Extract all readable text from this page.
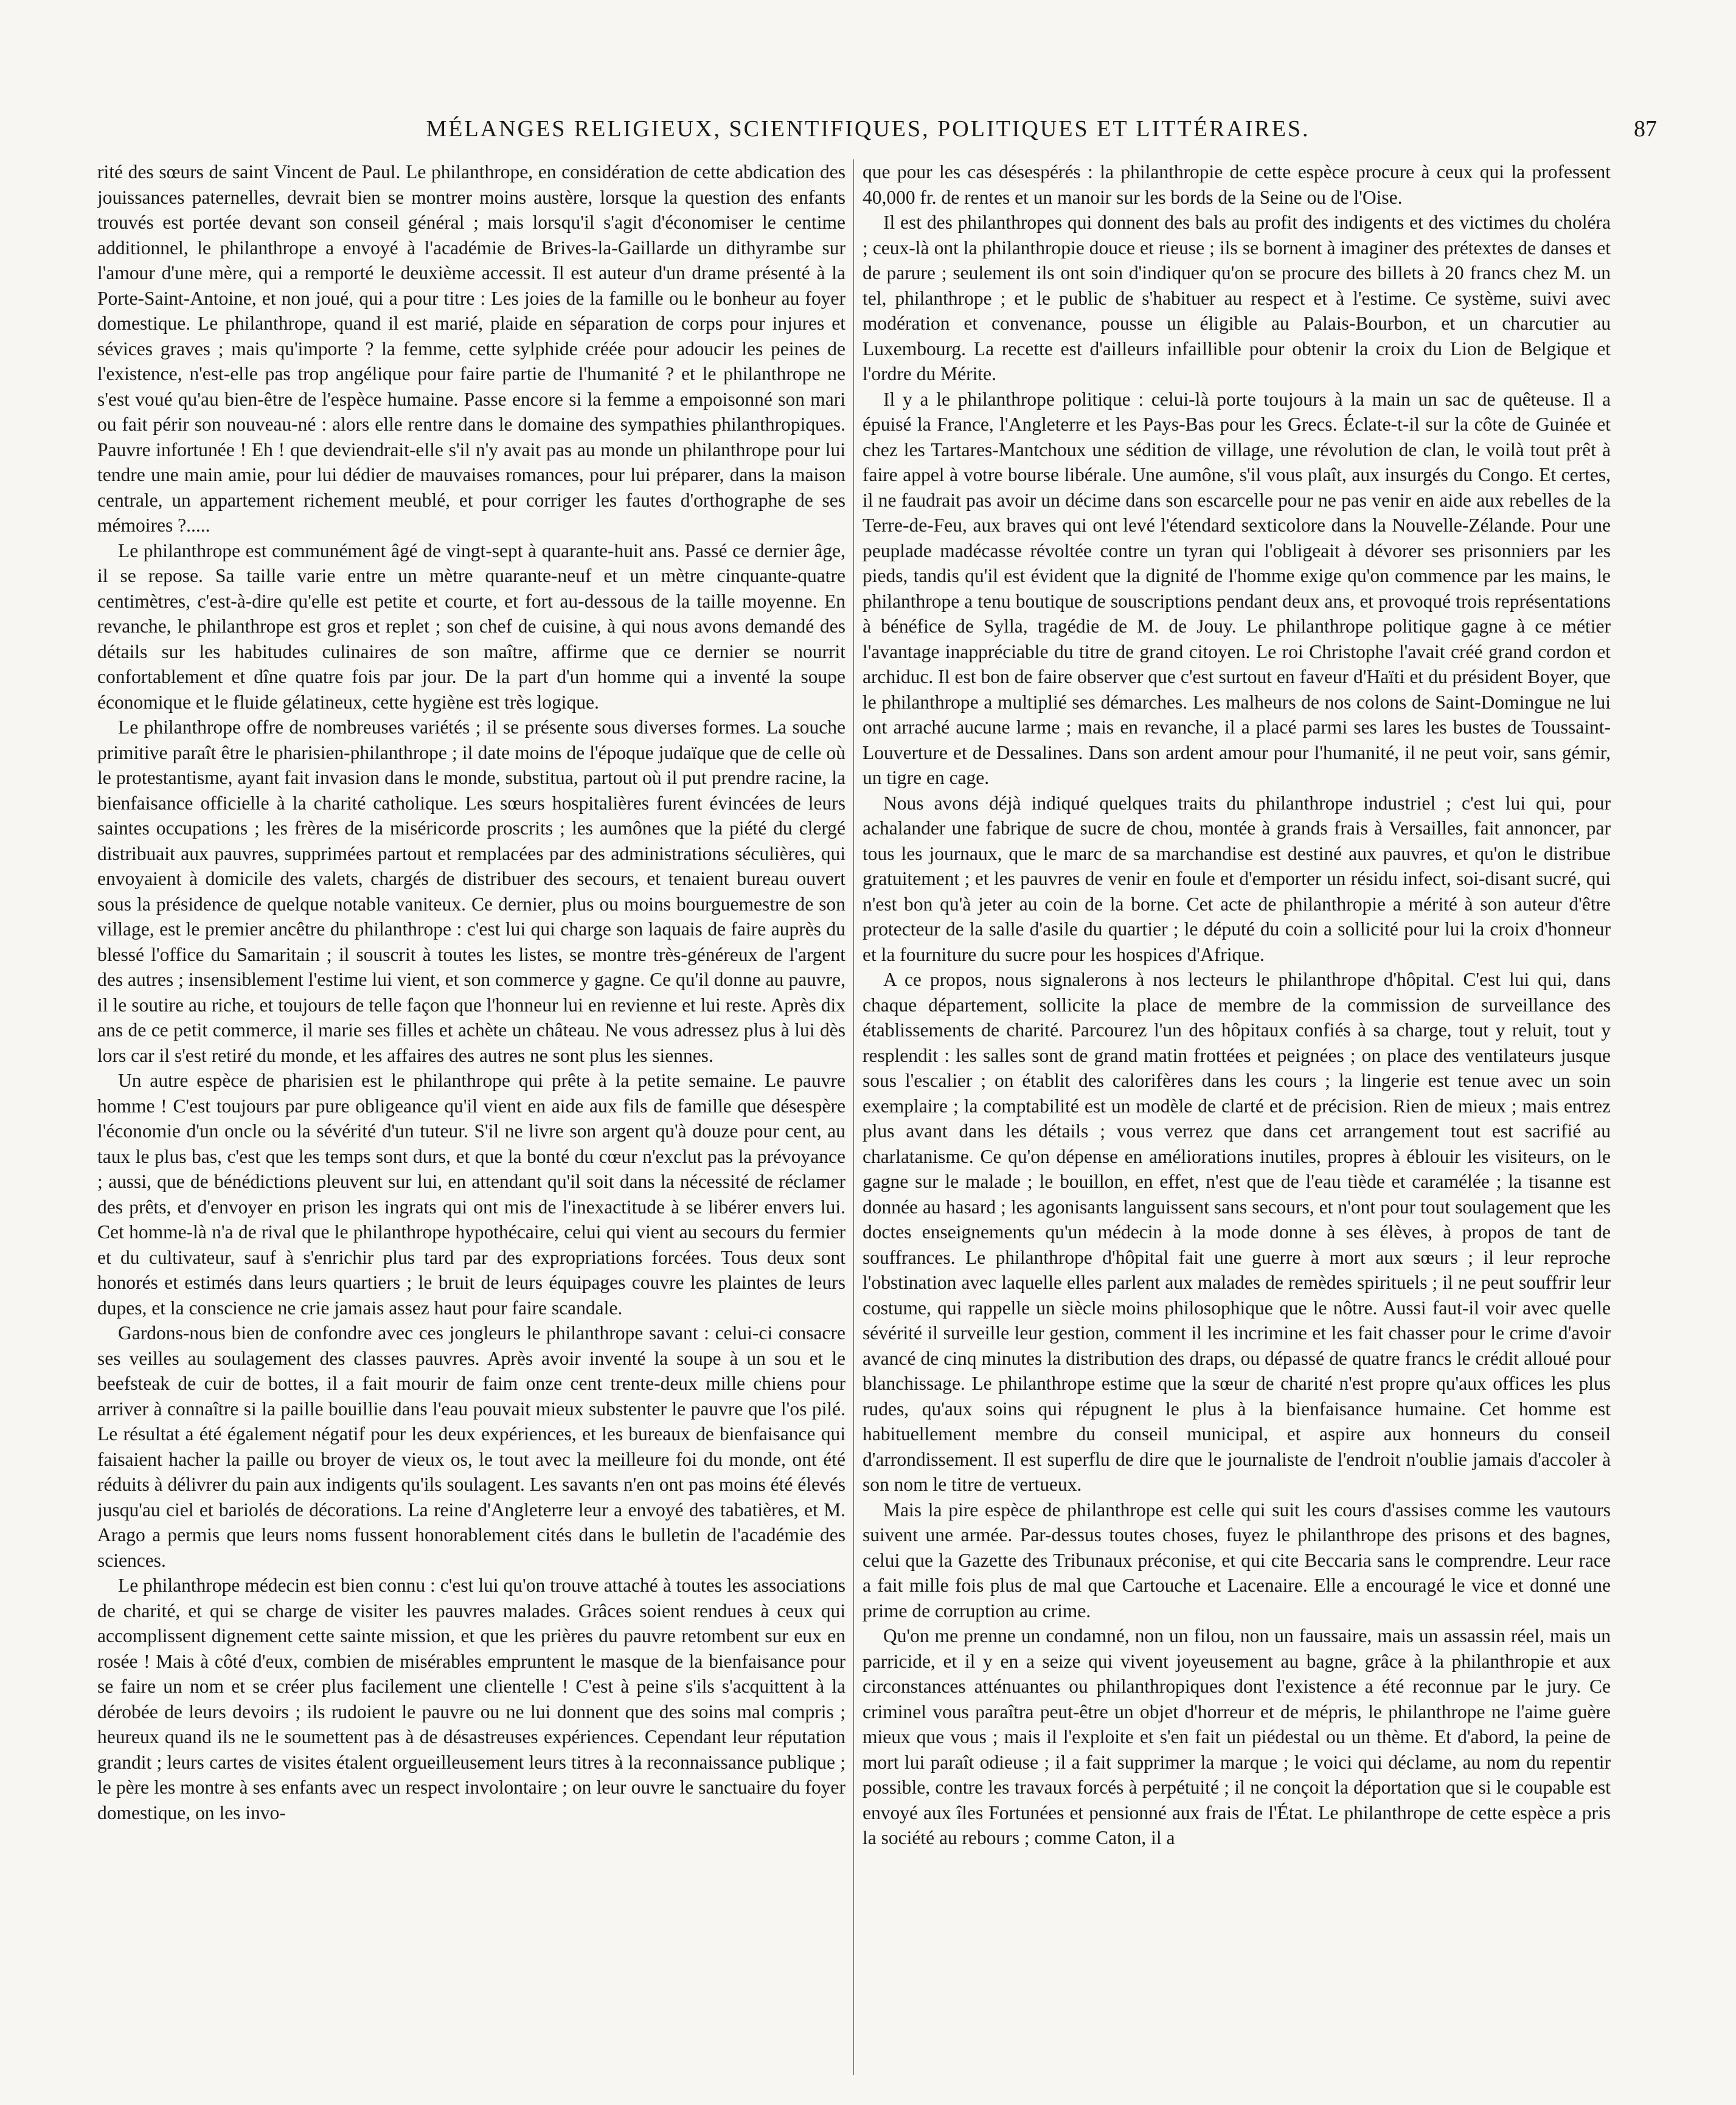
MÉLANGES RELIGIEUX, SCIENTIFIQUES, POLITIQUES ET LITTÉRAIRES.	87

rité des sœurs de saint Vincent de Paul. Le philanthrope, en considération de cette abdication des jouissances paternelles, devrait bien se montrer moins austère, lorsque la question des enfants trouvés est portée devant son conseil général ; mais lorsqu'il s'agit d'économiser le centime additionnel, le philanthrope a envoyé à l'académie de Brives-la-Gaillarde un dithyrambe sur l'amour d'une mère, qui a remporté le deuxième accessit. Il est auteur d'un drame présenté à la Porte-Saint-Antoine, et non joué, qui a pour titre : Les joies de la famille ou le bonheur au foyer domestique. Le philanthrope, quand il est marié, plaide en séparation de corps pour injures et sévices graves ; mais qu'importe ? la femme, cette sylphide créée pour adoucir les peines de l'existence, n'est-elle pas trop angélique pour faire partie de l'humanité ? et le philanthrope ne s'est voué qu'au bien-être de l'espèce humaine. Passe encore si la femme a empoisonné son mari ou fait périr son nouveau-né : alors elle rentre dans le domaine des sympathies philanthropiques. Pauvre infortunée ! Eh ! que deviendrait-elle s'il n'y avait pas au monde un philanthrope pour lui tendre une main amie, pour lui dédier de mauvaises romances, pour lui préparer, dans la maison centrale, un appartement richement meublé, et pour corriger les fautes d'orthographe de ses mémoires ?.....

Le philanthrope est communément âgé de vingt-sept à quarante-huit ans. Passé ce dernier âge, il se repose. Sa taille varie entre un mètre quarante-neuf et un mètre cinquante-quatre centimètres, c'est-à-dire qu'elle est petite et courte, et fort au-dessous de la taille moyenne. En revanche, le philanthrope est gros et replet ; son chef de cuisine, à qui nous avons demandé des détails sur les habitudes culinaires de son maître, affirme que ce dernier se nourrit confortablement et dîne quatre fois par jour. De la part d'un homme qui a inventé la soupe économique et le fluide gélatineux, cette hygiène est très logique.

Le philanthrope offre de nombreuses variétés ; il se présente sous diverses formes. La souche primitive paraît être le pharisien-philanthrope ; il date moins de l'époque judaïque que de celle où le protestantisme, ayant fait invasion dans le monde, substitua, partout où il put prendre racine, la bienfaisance officielle à la charité catholique. Les sœurs hospitalières furent évincées de leurs saintes occupations ; les frères de la miséricorde proscrits ; les aumônes que la piété du clergé distribuait aux pauvres, supprimées partout et remplacées par des administrations séculières, qui envoyaient à domicile des valets, chargés de distribuer des secours, et tenaient bureau ouvert sous la présidence de quelque notable vaniteux. Ce dernier, plus ou moins bourguemestre de son village, est le premier ancêtre du philanthrope : c'est lui qui charge son laquais de faire auprès du blessé l'office du Samaritain ; il souscrit à toutes les listes, se montre très-généreux de l'argent des autres ; insensiblement l'estime lui vient, et son commerce y gagne. Ce qu'il donne au pauvre, il le soutire au riche, et toujours de telle façon que l'honneur lui en revienne et lui reste. Après dix ans de ce petit commerce, il marie ses filles et achète un château. Ne vous adressez plus à lui dès lors car il s'est retiré du monde, et les affaires des autres ne sont plus les siennes.

Un autre espèce de pharisien est le philanthrope qui prête à la petite semaine. Le pauvre homme ! C'est toujours par pure obligeance qu'il vient en aide aux fils de famille que désespère l'économie d'un oncle ou la sévérité d'un tuteur. S'il ne livre son argent qu'à douze pour cent, au taux le plus bas, c'est que les temps sont durs, et que la bonté du cœur n'exclut pas la prévoyance ; aussi, que de bénédictions pleuvent sur lui, en attendant qu'il soit dans la nécessité de réclamer des prêts, et d'envoyer en prison les ingrats qui ont mis de l'inexactitude à se libérer envers lui. Cet homme-là n'a de rival que le philanthrope hypothécaire, celui qui vient au secours du fermier et du cultivateur, sauf à s'enrichir plus tard par des expropriations forcées. Tous deux sont honorés et estimés dans leurs quartiers ; le bruit de leurs équipages couvre les plaintes de leurs dupes, et la conscience ne crie jamais assez haut pour faire scandale.

Gardons-nous bien de confondre avec ces jongleurs le philanthrope savant : celui-ci consacre ses veilles au soulagement des classes pauvres. Après avoir inventé la soupe à un sou et le beefsteak de cuir de bottes, il a fait mourir de faim onze cent trente-deux mille chiens pour arriver à connaître si la paille bouillie dans l'eau pouvait mieux substenter le pauvre que l'os pilé. Le résultat a été également négatif pour les deux expériences, et les bureaux de bienfaisance qui faisaient hacher la paille ou broyer de vieux os, le tout avec la meilleure foi du monde, ont été réduits à délivrer du pain aux indigents qu'ils soulagent. Les savants n'en ont pas moins été élevés jusqu'au ciel et bariolés de décorations. La reine d'Angleterre leur a envoyé des tabatières, et M. Arago a permis que leurs noms fussent honorablement cités dans le bulletin de l'académie des sciences.

Le philanthrope médecin est bien connu : c'est lui qu'on trouve attaché à toutes les associations de charité, et qui se charge de visiter les pauvres malades. Grâces soient rendues à ceux qui accomplissent dignement cette sainte mission, et que les prières du pauvre retombent sur eux en rosée ! Mais à côté d'eux, combien de misérables empruntent le masque de la bienfaisance pour se faire un nom et se créer plus facilement une clientelle ! C'est à peine s'ils s'acquittent à la dérobée de leurs devoirs ; ils rudoient le pauvre ou ne lui donnent que des soins mal compris ; heureux quand ils ne le soumettent pas à de désastreuses expériences. Cependant leur réputation grandit ; leurs cartes de visites étalent orgueilleusement leurs titres à la reconnaissance publique ; le père les montre à ses enfants avec un respect involontaire ; on leur ouvre le sanctuaire du foyer domestique, on les invo-

que pour les cas désespérés : la philanthropie de cette espèce procure à ceux qui la professent 40,000 fr. de rentes et un manoir sur les bords de la Seine ou de l'Oise.

Il est des philanthropes qui donnent des bals au profit des indigents et des victimes du choléra ; ceux-là ont la philanthropie douce et rieuse ; ils se bornent à imaginer des prétextes de danses et de parure ; seulement ils ont soin d'indiquer qu'on se procure des billets à 20 francs chez M. un tel, philanthrope ; et le public de s'habituer au respect et à l'estime. Ce système, suivi avec modération et convenance, pousse un éligible au Palais-Bourbon, et un charcutier au Luxembourg. La recette est d'ailleurs infaillible pour obtenir la croix du Lion de Belgique et l'ordre du Mérite.

Il y a le philanthrope politique : celui-là porte toujours à la main un sac de quêteuse. Il a épuisé la France, l'Angleterre et les Pays-Bas pour les Grecs. Éclate-t-il sur la côte de Guinée et chez les Tartares-Mantchoux une sédition de village, une révolution de clan, le voilà tout prêt à faire appel à votre bourse libérale. Une aumône, s'il vous plaît, aux insurgés du Congo. Et certes, il ne faudrait pas avoir un décime dans son escarcelle pour ne pas venir en aide aux rebelles de la Terre-de-Feu, aux braves qui ont levé l'étendard sexticolore dans la Nouvelle-Zélande. Pour une peuplade madécasse révoltée contre un tyran qui l'obligeait à dévorer ses prisonniers par les pieds, tandis qu'il est évident que la dignité de l'homme exige qu'on commence par les mains, le philanthrope a tenu boutique de souscriptions pendant deux ans, et provoqué trois représentations à bénéfice de Sylla, tragédie de M. de Jouy. Le philanthrope politique gagne à ce métier l'avantage inappréciable du titre de grand citoyen. Le roi Christophe l'avait créé grand cordon et archiduc. Il est bon de faire observer que c'est surtout en faveur d'Haïti et du président Boyer, que le philanthrope a multiplié ses démarches. Les malheurs de nos colons de Saint-Domingue ne lui ont arraché aucune larme ; mais en revanche, il a placé parmi ses lares les bustes de Toussaint-Louverture et de Dessalines. Dans son ardent amour pour l'humanité, il ne peut voir, sans gémir, un tigre en cage.

Nous avons déjà indiqué quelques traits du philanthrope industriel ; c'est lui qui, pour achalander une fabrique de sucre de chou, montée à grands frais à Versailles, fait annoncer, par tous les journaux, que le marc de sa marchandise est destiné aux pauvres, et qu'on le distribue gratuitement ; et les pauvres de venir en foule et d'emporter un résidu infect, soi-disant sucré, qui n'est bon qu'à jeter au coin de la borne. Cet acte de philanthropie a mérité à son auteur d'être protecteur de la salle d'asile du quartier ; le député du coin a sollicité pour lui la croix d'honneur et la fourniture du sucre pour les hospices d'Afrique.

A ce propos, nous signalerons à nos lecteurs le philanthrope d'hôpital. C'est lui qui, dans chaque département, sollicite la place de membre de la commission de surveillance des établissements de charité. Parcourez l'un des hôpitaux confiés à sa charge, tout y reluit, tout y resplendit : les salles sont de grand matin frottées et peignées ; on place des ventilateurs jusque sous l'escalier ; on établit des calorifères dans les cours ; la lingerie est tenue avec un soin exemplaire ; la comptabilité est un modèle de clarté et de précision. Rien de mieux ; mais entrez plus avant dans les détails ; vous verrez que dans cet arrangement tout est sacrifié au charlatanisme. Ce qu'on dépense en améliorations inutiles, propres à éblouir les visiteurs, on le gagne sur le malade ; le bouillon, en effet, n'est que de l'eau tiède et caramélée ; la tisanne est donnée au hasard ; les agonisants languissent sans secours, et n'ont pour tout soulagement que les doctes enseignements qu'un médecin à la mode donne à ses élèves, à propos de tant de souffrances. Le philanthrope d'hôpital fait une guerre à mort aux sœurs ; il leur reproche l'obstination avec laquelle elles parlent aux malades de remèdes spirituels ; il ne peut souffrir leur costume, qui rappelle un siècle moins philosophique que le nôtre. Aussi faut-il voir avec quelle sévérité il surveille leur gestion, comment il les incrimine et les fait chasser pour le crime d'avoir avancé de cinq minutes la distribution des draps, ou dépassé de quatre francs le crédit alloué pour blanchissage. Le philanthrope estime que la sœur de charité n'est propre qu'aux offices les plus rudes, qu'aux soins qui répugnent le plus à la bienfaisance humaine. Cet homme est habituellement membre du conseil municipal, et aspire aux honneurs du conseil d'arrondissement. Il est superflu de dire que le journaliste de l'endroit n'oublie jamais d'accoler à son nom le titre de vertueux.

Mais la pire espèce de philanthrope est celle qui suit les cours d'assises comme les vautours suivent une armée. Par-dessus toutes choses, fuyez le philanthrope des prisons et des bagnes, celui que la Gazette des Tribunaux préconise, et qui cite Beccaria sans le comprendre. Leur race a fait mille fois plus de mal que Cartouche et Lacenaire. Elle a encouragé le vice et donné une prime de corruption au crime.

Qu'on me prenne un condamné, non un filou, non un faussaire, mais un assassin réel, mais un parricide, et il y en a seize qui vivent joyeusement au bagne, grâce à la philanthropie et aux circonstances atténuantes ou philanthropiques dont l'existence a été reconnue par le jury. Ce criminel vous paraîtra peut-être un objet d'horreur et de mépris, le philanthrope ne l'aime guère mieux que vous ; mais il l'exploite et s'en fait un piédestal ou un thème. Et d'abord, la peine de mort lui paraît odieuse ; il a fait supprimer la marque ; le voici qui déclame, au nom du repentir possible, contre les travaux forcés à perpétuité ; il ne conçoit la déportation que si le coupable est envoyé aux îles Fortunées et pensionné aux frais de l'État. Le philanthrope de cette espèce a pris la société au rebours ; comme Caton, il a
